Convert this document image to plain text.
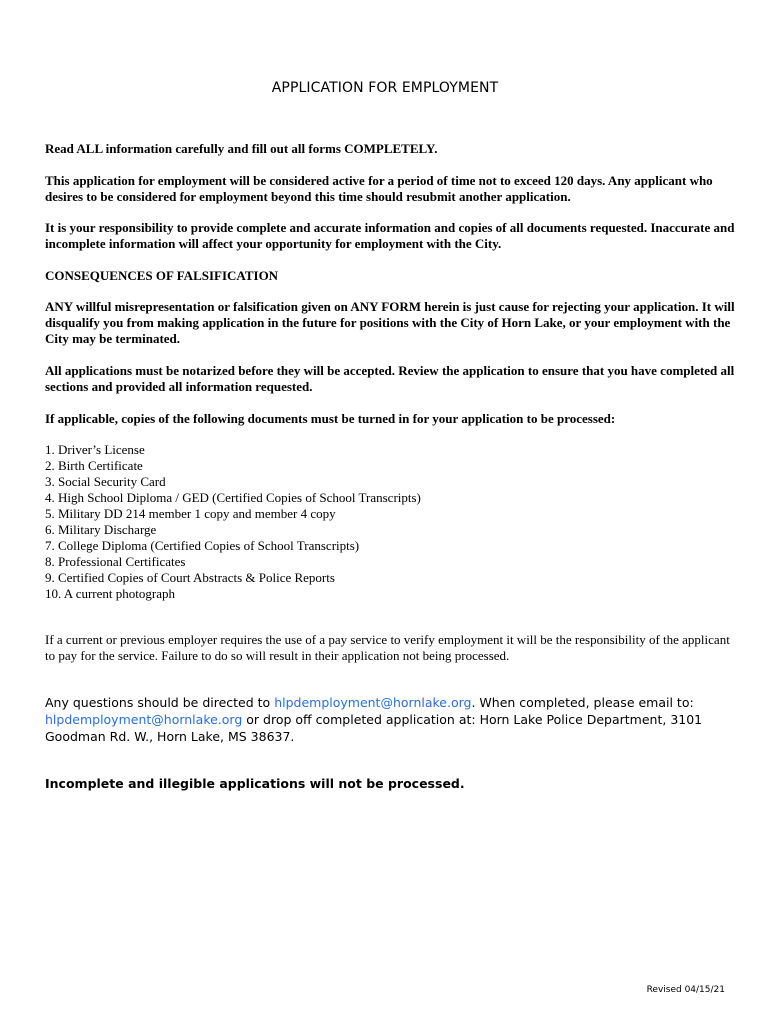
APPLICATION FOR EMPLOYMENT

Read ALL information carefully and fill out all forms COMPLETELY.

This application for employment will be considered active for a period of time not to exceed 120 days. Any applicant who desires to be considered for employment beyond this time should resubmit another application.

It is your responsibility to provide complete and accurate information and copies of all documents requested. Inaccurate and incomplete information will affect your opportunity for employment with the City.

CONSEQUENCES OF FALSIFICATION

ANY willful misrepresentation or falsification given on ANY FORM herein is just cause for rejecting your application. It will disqualify you from making application in the future for positions with the City of Horn Lake, or your employment with the City may be terminated.

All applications must be notarized before they will be accepted. Review the application to ensure that you have completed all sections and provided all information requested.

If applicable, copies of the following documents must be turned in for your application to be processed:

1. Driver’s License
2. Birth Certificate
3. Social Security Card
4. High School Diploma / GED (Certified Copies of School Transcripts)
5. Military DD 214 member 1 copy and member 4 copy
6. Military Discharge
7. College Diploma (Certified Copies of School Transcripts)
8. Professional Certificates
9. Certified Copies of Court Abstracts & Police Reports
10. A current photograph

If a current or previous employer requires the use of a pay service to verify employment it will be the responsibility of the applicant to pay for the service. Failure to do so will result in their application not being processed.

Any questions should be directed to hlpdemployment@hornlake.org. When completed, please email to: hlpdemployment@hornlake.org or drop off completed application at: Horn Lake Police Department, 3101 Goodman Rd. W., Horn Lake, MS 38637.

Incomplete and illegible applications will not be processed.

Revised 04/15/21
